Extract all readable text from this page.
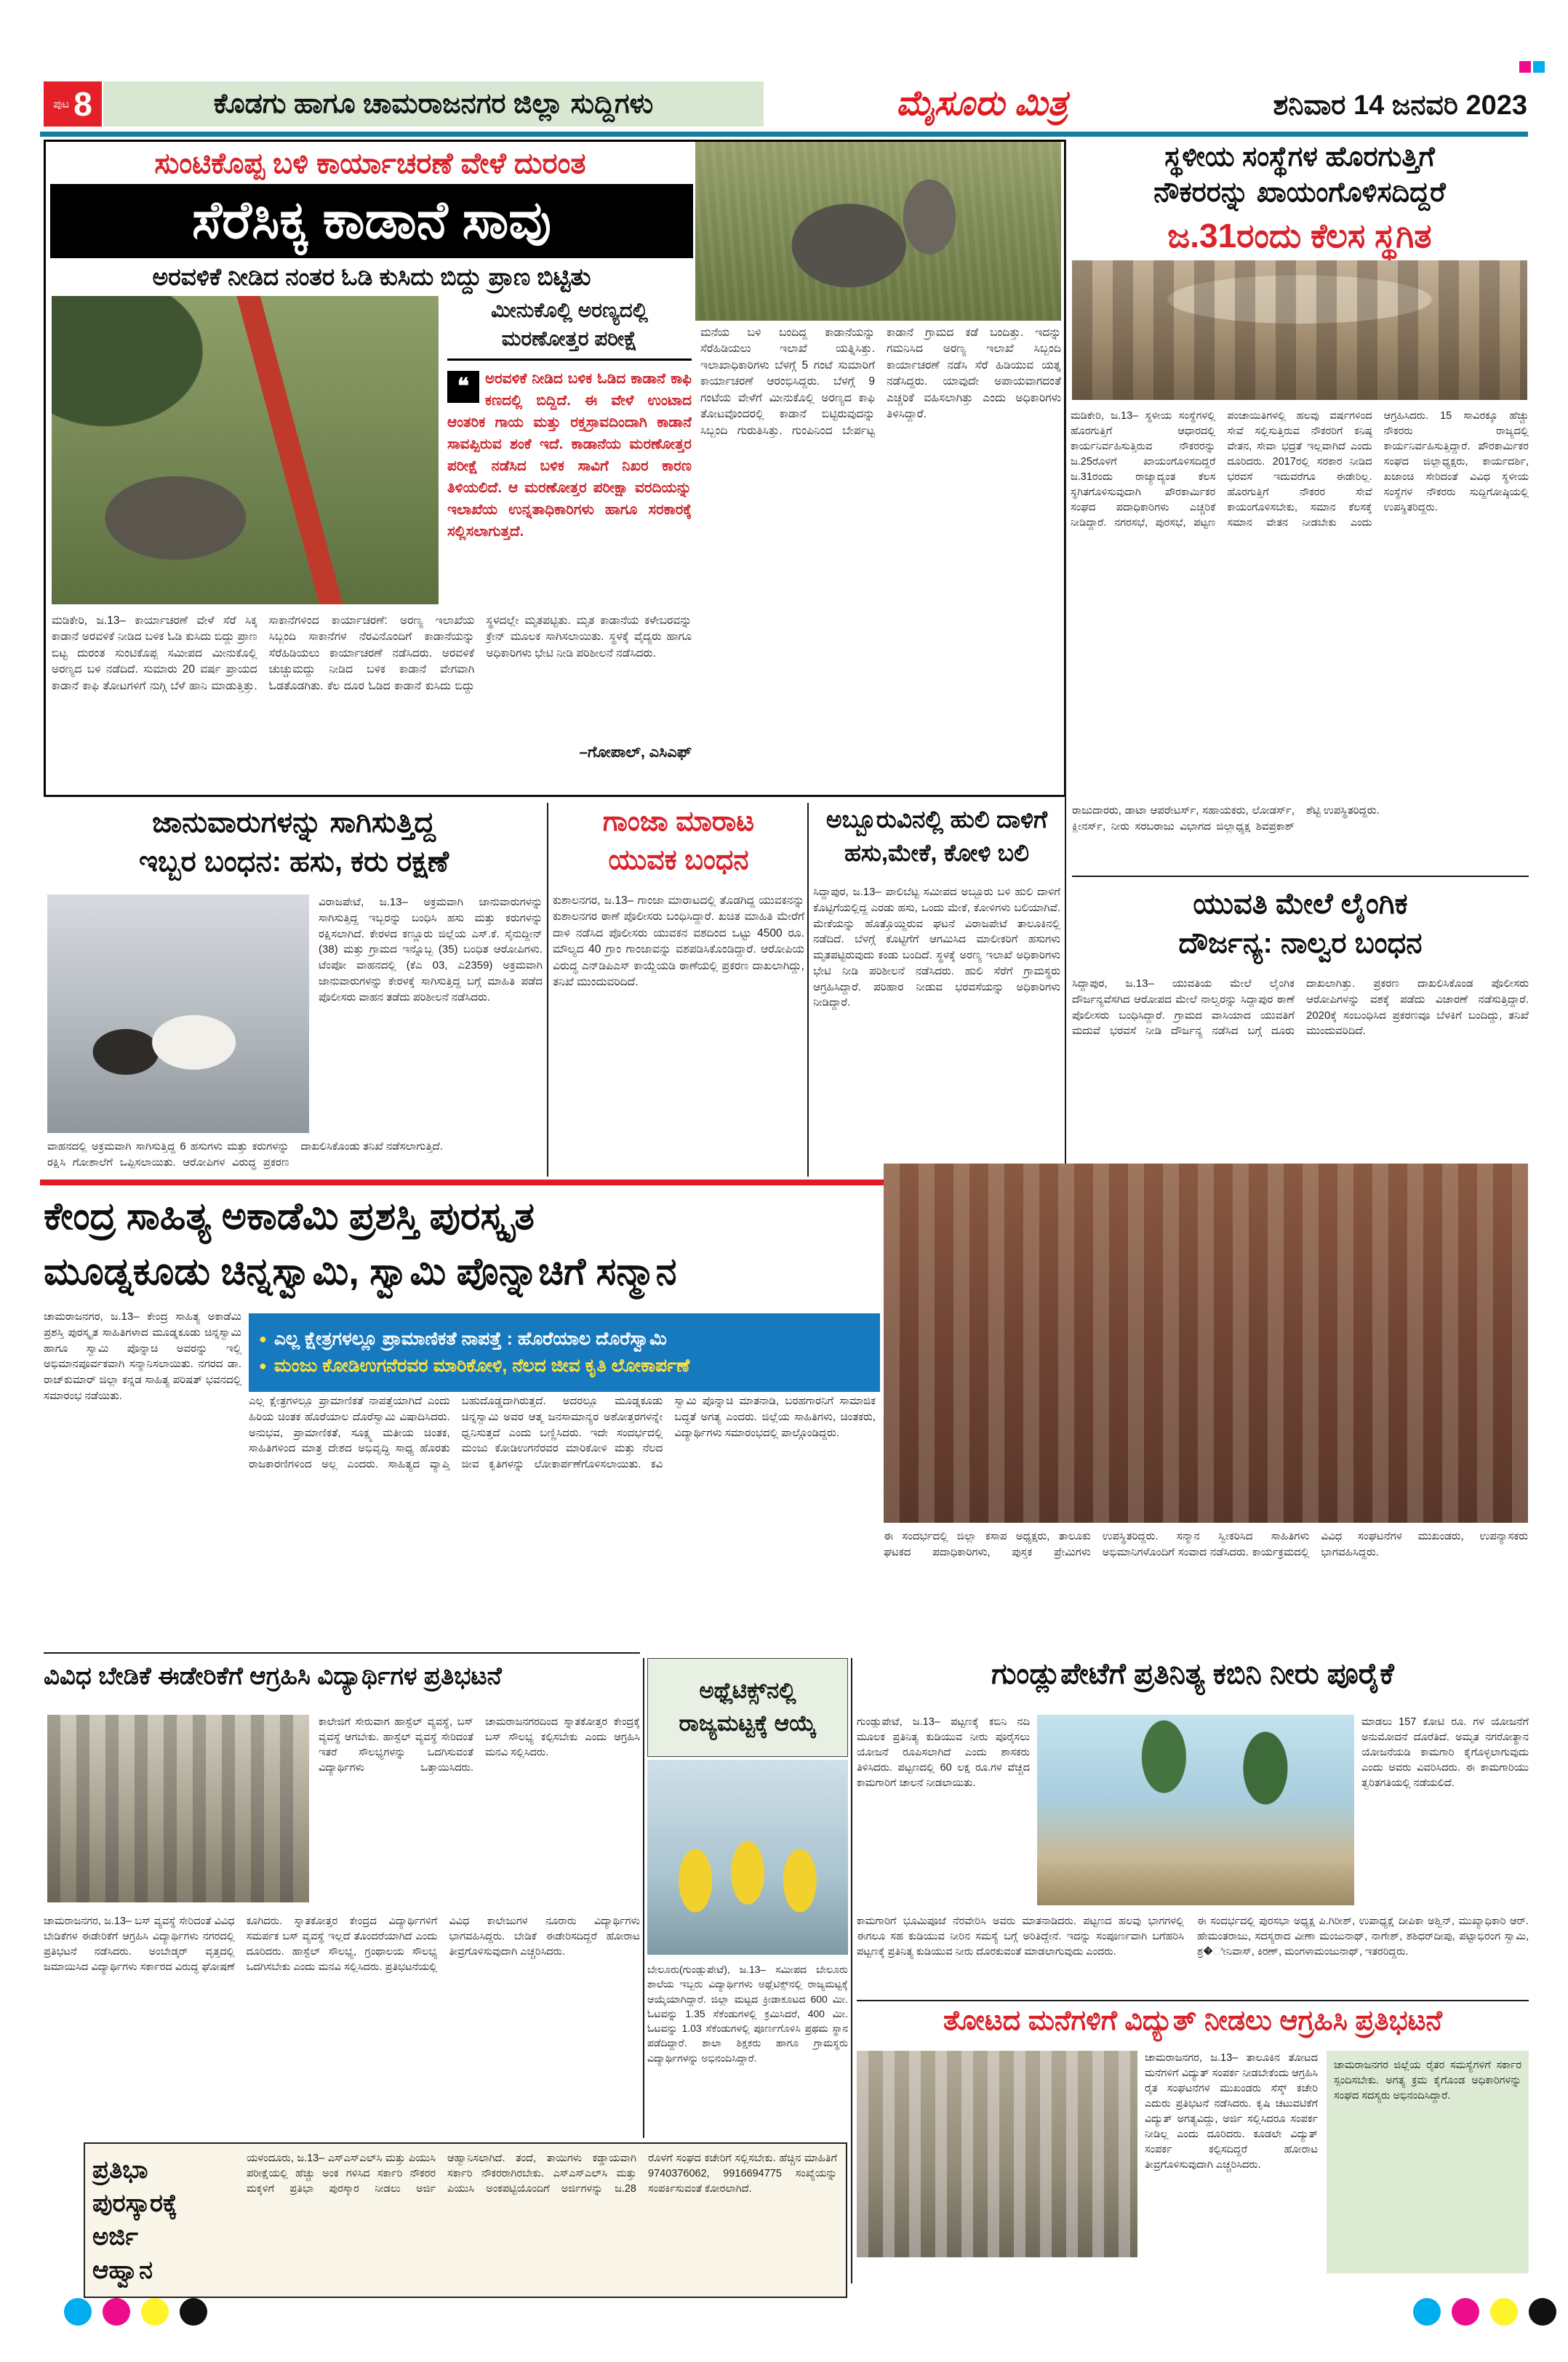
ಪುಟ 8	ಕೊಡಗು ಹಾಗೂ ಚಾಮರಾಜನಗರ ಜಿಲ್ಲಾ ಸುದ್ದಿಗಳು	ಮೈಸೂರು ಮಿತ್ರ	ಶನಿವಾರ 14 ಜನವರಿ 2023
ಸುಂಟಿಕೊಪ್ಪ ಬಳಿ ಕಾರ್ಯಾಚರಣೆ ವೇಳೆ ದುರಂತ
ಸೆರೆಸಿಕ್ಕ ಕಾಡಾನೆ ಸಾವು
ಅರವಳಿಕೆ ನೀಡಿದ ನಂತರ ಓಡಿ ಕುಸಿದು ಬಿದ್ದು ಪ್ರಾಣ ಬಿಟ್ಟಿತು
ಮೀನುಕೊಲ್ಲಿ ಅರಣ್ಯದಲ್ಲಿ ಮರಣೋತ್ತರ ಪರೀಕ್ಷೆ
❝	ಅರವಳಿಕೆ ನೀಡಿದ ಬಳಿಕ ಓಡಿದ ಕಾಡಾನೆ ಕಾಫಿ ಕಣದಲ್ಲಿ ಬಿದ್ದಿದೆ. ಈ ವೇಳೆ ಉಂಟಾದ ಆಂತರಿಕ ಗಾಯ ಮತ್ತು ರಕ್ತಸ್ರಾವದಿಂದಾಗಿ ಕಾಡಾನೆ ಸಾವಪ್ಪಿರುವ ಶಂಕೆ ಇದೆ. ಕಾಡಾನೆಯ ಮರಣೋತ್ತರ ಪರೀಕ್ಷೆ ನಡೆಸಿದ ಬಳಿಕ ಸಾವಿಗೆ ನಿಖರ ಕಾರಣ ತಿಳಿಯಲಿದೆ. ಆ ಮರಣೋತ್ತರ ಪರೀಕ್ಷಾ ವರದಿಯನ್ನು ಇಲಾಖೆಯ ಉನ್ನತಾಧಿಕಾರಿಗಳು ಹಾಗೂ ಸರಕಾರಕ್ಕೆ ಸಲ್ಲಿಸಲಾಗುತ್ತದೆ.
–ಗೋಪಾಲ್, ಎಸಿಎಫ್
ಮನೆಯ ಬಳಿ ಬಂದಿದ್ದ ಕಾಡಾನೆಯನ್ನು ಸೆರೆಹಿಡಿಯಲು ಇಲಾಖೆ ಯತ್ನಿಸಿತ್ತು. ಇಲಾಖಾಧಿಕಾರಿಗಳು ಬೆಳಗ್ಗೆ 5 ಗಂಟೆ ಸುಮಾರಿಗೆ ಕಾರ್ಯಾಚರಣೆ ಆರಂಭಿಸಿದ್ದರು. ಬೆಳಗ್ಗೆ 9 ಗಂಟೆಯ ವೇಳೆಗೆ ಮೀನುಕೊಲ್ಲಿ ಅರಣ್ಯದ ಕಾಫಿ ತೋಟವೊಂದರಲ್ಲಿ ಕಾಡಾನೆ ಬಿಟ್ಟಿರುವುದನ್ನು ಸಿಬ್ಬಂದಿ ಗುರುತಿಸಿತ್ತು. ಗುಂಪಿನಿಂದ ಬೇರ್ಪಟ್ಟ ಕಾಡಾನೆ ಗ್ರಾಮದ ಕಡೆ ಬಂದಿತ್ತು. ಇದನ್ನು ಗಮನಿಸಿದ ಅರಣ್ಯ ಇಲಾಖೆ ಸಿಬ್ಬಂದಿ ಕಾರ್ಯಾಚರಣೆ ನಡೆಸಿ ಸೆರೆ ಹಿಡಿಯುವ ಯತ್ನ ನಡೆಸಿದ್ದರು. ಯಾವುದೇ ಅಪಾಯವಾಗದಂತೆ ಎಚ್ಚರಿಕೆ ವಹಿಸಲಾಗಿತ್ತು ಎಂದು ಅಧಿಕಾರಿಗಳು ತಿಳಿಸಿದ್ದಾರೆ.
ಮಡಿಕೇರಿ, ಜ.13– ಕಾರ್ಯಾಚರಣೆ ವೇಳೆ ಸೆರೆ ಸಿಕ್ಕ ಕಾಡಾನೆ ಅರವಳಿಕೆ ನೀಡಿದ ಬಳಿಕ ಓಡಿ ಕುಸಿದು ಬಿದ್ದು ಪ್ರಾಣ ಬಿಟ್ಟ ದುರಂತ ಸುಂಟಿಕೊಪ್ಪ ಸಮೀಪದ ಮೀನುಕೊಲ್ಲಿ ಅರಣ್ಯದ ಬಳಿ ನಡೆದಿದೆ. ಸುಮಾರು 20 ವರ್ಷ ಪ್ರಾಯದ ಕಾಡಾನೆ ಕಾಫಿ ತೋಟಗಳಿಗೆ ನುಗ್ಗಿ ಬೆಳೆ ಹಾನಿ ಮಾಡುತ್ತಿತ್ತು. ಸಾಕಾನೆಗಳಿಂದ ಕಾರ್ಯಾಚರಣೆ: ಅರಣ್ಯ ಇಲಾಖೆಯ ಸಿಬ್ಬಂದಿ ಸಾಕಾನೆಗಳ ನೆರವಿನೊಂದಿಗೆ ಕಾಡಾನೆಯನ್ನು ಸೆರೆಹಿಡಿಯಲು ಕಾರ್ಯಾಚರಣೆ ನಡೆಸಿದರು. ಅರವಳಿಕೆ ಚುಚ್ಚುಮದ್ದು ನೀಡಿದ ಬಳಿಕ ಕಾಡಾನೆ ವೇಗವಾಗಿ ಓಡತೊಡಗಿತು. ಕೆಲ ದೂರ ಓಡಿದ ಕಾಡಾನೆ ಕುಸಿದು ಬಿದ್ದು ಸ್ಥಳದಲ್ಲೇ ಮೃತಪಟ್ಟಿತು. ಮೃತ ಕಾಡಾನೆಯ ಕಳೇಬರವನ್ನು ಕ್ರೇನ್ ಮೂಲಕ ಸಾಗಿಸಲಾಯಿತು. ಸ್ಥಳಕ್ಕೆ ವೈದ್ಯರು ಹಾಗೂ ಅಧಿಕಾರಿಗಳು ಭೇಟಿ ನೀಡಿ ಪರಿಶೀಲನೆ ನಡೆಸಿದರು.
ಸ್ಥಳೀಯ ಸಂಸ್ಥೆಗಳ ಹೊರಗುತ್ತಿಗೆ
ನೌಕರರನ್ನು ಖಾಯಂಗೊಳಿಸದಿದ್ದರೆ
ಜ.31ರಂದು ಕೆಲಸ ಸ್ಥಗಿತ
ಮಡಿಕೇರಿ, ಜ.13– ಸ್ಥಳೀಯ ಸಂಸ್ಥೆಗಳಲ್ಲಿ ಹೊರಗುತ್ತಿಗೆ ಆಧಾರದಲ್ಲಿ ಕಾರ್ಯನಿರ್ವಹಿಸುತ್ತಿರುವ ನೌಕರರನ್ನು ಜ.25ರೊಳಗೆ ಖಾಯಂಗೊಳಿಸದಿದ್ದರೆ ಜ.31ರಂದು ರಾಜ್ಯಾದ್ಯಂತ ಕೆಲಸ ಸ್ಥಗಿತಗೊಳಿಸುವುದಾಗಿ ಪೌರಕಾರ್ಮಿಕರ ಸಂಘದ ಪದಾಧಿಕಾರಿಗಳು ಎಚ್ಚರಿಕೆ ನೀಡಿದ್ದಾರೆ. ನಗರಸಭೆ, ಪುರಸಭೆ, ಪಟ್ಟಣ ಪಂಚಾಯಿತಿಗಳಲ್ಲಿ ಹಲವು ವರ್ಷಗಳಿಂದ ಸೇವೆ ಸಲ್ಲಿಸುತ್ತಿರುವ ನೌಕರರಿಗೆ ಕನಿಷ್ಠ ವೇತನ, ಸೇವಾ ಭದ್ರತೆ ಇಲ್ಲವಾಗಿದೆ ಎಂದು ದೂರಿದರು. 2017ರಲ್ಲಿ ಸರಕಾರ ನೀಡಿದ ಭರವಸೆ ಇದುವರೆಗೂ ಈಡೇರಿಲ್ಲ. ಹೊರಗುತ್ತಿಗೆ ನೌಕರರ ಸೇವೆ ಕಾಯಂಗೊಳಿಸಬೇಕು, ಸಮಾನ ಕೆಲಸಕ್ಕೆ ಸಮಾನ ವೇತನ ನೀಡಬೇಕು ಎಂದು ಆಗ್ರಹಿಸಿದರು. 15 ಸಾವಿರಕ್ಕೂ ಹೆಚ್ಚು ನೌಕರರು ರಾಜ್ಯದಲ್ಲಿ ಕಾರ್ಯನಿರ್ವಹಿಸುತ್ತಿದ್ದಾರೆ. ಪೌರಕಾರ್ಮಿಕರ ಸಂಘದ ಜಿಲ್ಲಾಧ್ಯಕ್ಷರು, ಕಾರ್ಯದರ್ಶಿ, ಖಜಾಂಚಿ ಸೇರಿದಂತೆ ವಿವಿಧ ಸ್ಥಳೀಯ ಸಂಸ್ಥೆಗಳ ನೌಕರರು ಸುದ್ದಿಗೋಷ್ಠಿಯಲ್ಲಿ ಉಪಸ್ಥಿತರಿದ್ದರು.
ಜಾನುವಾರುಗಳನ್ನು ಸಾಗಿಸುತ್ತಿದ್ದ
ಇಬ್ಬರ ಬಂಧನ: ಹಸು, ಕರು ರಕ್ಷಣೆ
ವಿರಾಜಪೇಟೆ, ಜ.13– ಅಕ್ರಮವಾಗಿ ಜಾನುವಾರುಗಳನ್ನು ಸಾಗಿಸುತ್ತಿದ್ದ ಇಬ್ಬರನ್ನು ಬಂಧಿಸಿ ಹಸು ಮತ್ತು ಕರುಗಳನ್ನು ರಕ್ಷಿಸಲಾಗಿದೆ. ಕೇರಳದ ಕಣ್ಣೂರು ಜಿಲ್ಲೆಯ ಎಸ್.ಕೆ. ಸೈನುದ್ದೀನ್ (38) ಮತ್ತು ಗ್ರಾಮದ ಇನ್ನೊಬ್ಬ (35) ಬಂಧಿತ ಆರೋಪಿಗಳು. ಟೆಂಪೋ ವಾಹನದಲ್ಲಿ (ಕೆಎ 03, ಎ2359) ಅಕ್ರಮವಾಗಿ ಜಾನುವಾರುಗಳನ್ನು ಕೇರಳಕ್ಕೆ ಸಾಗಿಸುತ್ತಿದ್ದ ಬಗ್ಗೆ ಮಾಹಿತಿ ಪಡೆದ ಪೊಲೀಸರು ವಾಹನ ತಡೆದು ಪರಿಶೀಲನೆ ನಡೆಸಿದರು.
ವಾಹನದಲ್ಲಿ ಅಕ್ರಮವಾಗಿ ಸಾಗಿಸುತ್ತಿದ್ದ 6 ಹಸುಗಳು ಮತ್ತು ಕರುಗಳನ್ನು ರಕ್ಷಿಸಿ ಗೋಶಾಲೆಗೆ ಒಪ್ಪಿಸಲಾಯಿತು. ಆರೋಪಿಗಳ ವಿರುದ್ಧ ಪ್ರಕರಣ ದಾಖಲಿಸಿಕೊಂಡು ತನಿಖೆ ನಡೆಸಲಾಗುತ್ತಿದೆ.
ಗಾಂಜಾ ಮಾರಾಟ
ಯುವಕ ಬಂಧನ
ಕುಶಾಲನಗರ, ಜ.13– ಗಾಂಜಾ ಮಾರಾಟದಲ್ಲಿ ತೊಡಗಿದ್ದ ಯುವಕನನ್ನು ಕುಶಾಲನಗರ ಠಾಣೆ ಪೊಲೀಸರು ಬಂಧಿಸಿದ್ದಾರೆ. ಖಚಿತ ಮಾಹಿತಿ ಮೇರೆಗೆ ದಾಳಿ ನಡೆಸಿದ ಪೊಲೀಸರು ಯುವಕನ ವಶದಿಂದ ಒಟ್ಟು 4500 ರೂ. ಮೌಲ್ಯದ 40 ಗ್ರಾಂ ಗಾಂಜಾವನ್ನು ವಶಪಡಿಸಿಕೊಂಡಿದ್ದಾರೆ. ಆರೋಪಿಯ ವಿರುದ್ಧ ಎನ್‌ಡಿಪಿಎಸ್ ಕಾಯ್ದೆಯಡಿ ಠಾಣೆಯಲ್ಲಿ ಪ್ರಕರಣ ದಾಖಲಾಗಿದ್ದು, ತನಿಖೆ ಮುಂದುವರಿದಿದೆ.
ಅಬ್ಬೂರುವಿನಲ್ಲಿ ಹುಲಿ ದಾಳಿಗೆ
ಹಸು,ಮೇಕೆ, ಕೋಳಿ ಬಲಿ
ಸಿದ್ದಾಪುರ, ಜ.13– ಪಾಲಿಬೆಟ್ಟ ಸಮೀಪದ ಅಬ್ಬೂರು ಬಳಿ ಹುಲಿ ದಾಳಿಗೆ ಕೊಟ್ಟಿಗೆಯಲ್ಲಿದ್ದ ಎರಡು ಹಸು, ಒಂದು ಮೇಕೆ, ಕೋಳಿಗಳು ಬಲಿಯಾಗಿವೆ. ಮೇಕೆಯನ್ನು ಹೊತ್ತೊಯ್ದಿರುವ ಘಟನೆ ವಿರಾಜಪೇಟೆ ತಾಲೂಕಿನಲ್ಲಿ ನಡೆದಿದೆ. ಬೆಳಗ್ಗೆ ಕೊಟ್ಟಿಗೆಗೆ ಆಗಮಿಸಿದ ಮಾಲೀಕರಿಗೆ ಹಸುಗಳು ಮೃತಪಟ್ಟಿರುವುದು ಕಂಡು ಬಂದಿದೆ. ಸ್ಥಳಕ್ಕೆ ಅರಣ್ಯ ಇಲಾಖೆ ಅಧಿಕಾರಿಗಳು ಭೇಟಿ ನೀಡಿ ಪರಿಶೀಲನೆ ನಡೆಸಿದರು. ಹುಲಿ ಸೆರೆಗೆ ಗ್ರಾಮಸ್ಥರು ಆಗ್ರಹಿಸಿದ್ದಾರೆ. ಪರಿಹಾರ ನೀಡುವ ಭರವಸೆಯನ್ನು ಅಧಿಕಾರಿಗಳು ನೀಡಿದ್ದಾರೆ.
ರಾಜುದಾರರು, ಡಾಟಾ ಆಪರೇಟರ್ಸ್, ಸಹಾಯಕರು, ಲೋಡರ್ಸ್, ಕ್ಲೀನರ್ಸ್, ನೀರು ಸರಬರಾಜು ವಿಭಾಗದ ಜಿಲ್ಲಾಧ್ಯಕ್ಷ ಶಿವಪ್ರಕಾಶ್ ಶೆಟ್ಟಿ ಉಪಸ್ಥಿತರಿದ್ದರು.
ಯುವತಿ ಮೇಲೆ ಲೈಂಗಿಕ
ದೌರ್ಜನ್ಯ: ನಾಲ್ವರ ಬಂಧನ
ಸಿದ್ದಾಪುರ, ಜ.13– ಯುವತಿಯ ಮೇಲೆ ಲೈಂಗಿಕ ದೌರ್ಜನ್ಯವೆಸಗಿದ ಆರೋಪದ ಮೇಲೆ ನಾಲ್ವರನ್ನು ಸಿದ್ದಾಪುರ ಠಾಣೆ ಪೊಲೀಸರು ಬಂಧಿಸಿದ್ದಾರೆ. ಗ್ರಾಮದ ವಾಸಿಯಾದ ಯುವತಿಗೆ ಮದುವೆ ಭರವಸೆ ನೀಡಿ ದೌರ್ಜನ್ಯ ನಡೆಸಿದ ಬಗ್ಗೆ ದೂರು ದಾಖಲಾಗಿತ್ತು. ಪ್ರಕರಣ ದಾಖಲಿಸಿಕೊಂಡ ಪೊಲೀಸರು ಆರೋಪಿಗಳನ್ನು ವಶಕ್ಕೆ ಪಡೆದು ವಿಚಾರಣೆ ನಡೆಸುತ್ತಿದ್ದಾರೆ. 2020ಕ್ಕೆ ಸಂಬಂಧಿಸಿದ ಪ್ರಕರಣವೂ ಬೆಳಕಿಗೆ ಬಂದಿದ್ದು, ತನಿಖೆ ಮುಂದುವರಿದಿದೆ.
ಕೇಂದ್ರ ಸಾಹಿತ್ಯ ಅಕಾಡೆಮಿ ಪ್ರಶಸ್ತಿ ಪುರಸ್ಕೃತ
ಮೂಡ್ನಕೂಡು ಚಿನ್ನಸ್ವಾಮಿ, ಸ್ವಾಮಿ ಪೊನ್ನಾಚಿಗೆ ಸನ್ಮಾನ
ಚಾಮರಾಜನಗರ, ಜ.13– ಕೇಂದ್ರ ಸಾಹಿತ್ಯ ಅಕಾಡೆಮಿ ಪ್ರಶಸ್ತಿ ಪುರಸ್ಕೃತ ಸಾಹಿತಿಗಳಾದ ಮೂಡ್ನಕೂಡು ಚಿನ್ನಸ್ವಾಮಿ ಹಾಗೂ ಸ್ವಾಮಿ ಪೊನ್ನಾಚಿ ಅವರನ್ನು ಇಲ್ಲಿ ಅಭಿಮಾನಪೂರ್ವಕವಾಗಿ ಸನ್ಮಾನಿಸಲಾಯಿತು. ನಗರದ ಡಾ. ರಾಜ್‌ಕುಮಾರ್ ಜಿಲ್ಲಾ ಕನ್ನಡ ಸಾಹಿತ್ಯ ಪರಿಷತ್ ಭವನದಲ್ಲಿ ಸಮಾರಂಭ ನಡೆಯಿತು.
● ಎಲ್ಲ ಕ್ಷೇತ್ರಗಳಲ್ಲೂ ಪ್ರಾಮಾಣಿಕತೆ ನಾಪತ್ತೆ : ಹೊರೆಯಾಲ ದೊರೆಸ್ವಾಮಿ
● ಮಂಜು ಕೋಡಿಉಗನೆರವರ ಮಾರಿಕೋಳಿ, ನೆಲದ ಜೀವ ಕೃತಿ ಲೋಕಾರ್ಪಣೆ
ಎಲ್ಲ ಕ್ಷೇತ್ರಗಳಲ್ಲೂ ಪ್ರಾಮಾಣಿಕತೆ ನಾಪತ್ತೆಯಾಗಿದೆ ಎಂದು ಹಿರಿಯ ಚಿಂತಕ ಹೊರೆಯಾಲ ದೊರೆಸ್ವಾಮಿ ವಿಷಾದಿಸಿದರು. ಅನುಭವ, ಪ್ರಾಮಾಣಿಕತೆ, ಸೂಕ್ಷ್ಮ ಮತೀಯ ಚಿಂತಕ, ಸಾಹಿತಿಗಳಿಂದ ಮಾತ್ರ ದೇಶದ ಅಭಿವೃದ್ಧಿ ಸಾಧ್ಯ ಹೊರತು ರಾಜಕಾರಣಿಗಳಿಂದ ಅಲ್ಲ ಎಂದರು. ಸಾಹಿತ್ಯದ ವ್ಯಾಪ್ತಿ ಬಹುದೊಡ್ಡದಾಗಿರುತ್ತದೆ. ಅದರಲ್ಲೂ ಮೂಡ್ನಕೂಡು ಚಿನ್ನಸ್ವಾಮಿ ಅವರ ಆತ್ಮ ಜನಸಾಮಾನ್ಯರ ಅಶೋತ್ತರಗಳನ್ನೇ ಧ್ವನಿಸುತ್ತದೆ ಎಂದು ಬಣ್ಣಿಸಿದರು. ಇದೇ ಸಂದರ್ಭದಲ್ಲಿ ಮಂಜು ಕೋಡಿಉಗನೆರವರ ಮಾರಿಕೋಳಿ ಮತ್ತು ನೆಲದ ಜೀವ ಕೃತಿಗಳನ್ನು ಲೋಕಾರ್ಪಣೆಗೊಳಿಸಲಾಯಿತು. ಕವಿ ಸ್ವಾಮಿ ಪೊನ್ನಾಚಿ ಮಾತನಾಡಿ, ಬರಹಗಾರನಿಗೆ ಸಾಮಾಜಿಕ ಬದ್ಧತೆ ಅಗತ್ಯ ಎಂದರು. ಜಿಲ್ಲೆಯ ಸಾಹಿತಿಗಳು, ಚಿಂತಕರು, ವಿದ್ಯಾರ್ಥಿಗಳು ಸಮಾರಂಭದಲ್ಲಿ ಪಾಲ್ಗೊಂಡಿದ್ದರು.
ಈ ಸಂದರ್ಭದಲ್ಲಿ ಜಿಲ್ಲಾ ಕಸಾಪ ಅಧ್ಯಕ್ಷರು, ತಾಲೂಕು ಘಟಕದ ಪದಾಧಿಕಾರಿಗಳು, ಪುಸ್ತಕ ಪ್ರೇಮಿಗಳು ಉಪಸ್ಥಿತರಿದ್ದರು. ಸನ್ಮಾನ ಸ್ವೀಕರಿಸಿದ ಸಾಹಿತಿಗಳು ಅಭಿಮಾನಿಗಳೊಂದಿಗೆ ಸಂವಾದ ನಡೆಸಿದರು. ಕಾರ್ಯಕ್ರಮದಲ್ಲಿ ವಿವಿಧ ಸಂಘಟನೆಗಳ ಮುಖಂಡರು, ಉಪನ್ಯಾಸಕರು ಭಾಗವಹಿಸಿದ್ದರು.
ವಿವಿಧ ಬೇಡಿಕೆ ಈಡೇರಿಕೆಗೆ ಆಗ್ರಹಿಸಿ ವಿದ್ಯಾರ್ಥಿಗಳ ಪ್ರತಿಭಟನೆ
ಕಾಲೇಜಿಗೆ ಸೇರುವಾಗ ಹಾಸ್ಟೆಲ್ ವ್ಯವಸ್ಥೆ, ಬಸ್ ವ್ಯವಸ್ಥೆ ಆಗಬೇಕು. ಹಾಸ್ಟೆಲ್ ವ್ಯವಸ್ಥೆ ಸೇರಿದಂತೆ ಇತರೆ ಸೌಲಭ್ಯಗಳನ್ನು ಒದಗಿಸುವಂತೆ ವಿದ್ಯಾರ್ಥಿಗಳು ಒತ್ತಾಯಿಸಿದರು. ಚಾಮರಾಜನಗರದಿಂದ ಸ್ನಾತಕೋತ್ತರ ಕೇಂದ್ರಕ್ಕೆ ಬಸ್ ಸೌಲಭ್ಯ ಕಲ್ಪಿಸಬೇಕು ಎಂದು ಆಗ್ರಹಿಸಿ ಮನವಿ ಸಲ್ಲಿಸಿದರು.
ಚಾಮರಾಜನಗರ, ಜ.13– ಬಸ್ ವ್ಯವಸ್ಥೆ ಸೇರಿದಂತೆ ವಿವಿಧ ಬೇಡಿಕೆಗಳ ಈಡೇರಿಕೆಗೆ ಆಗ್ರಹಿಸಿ ವಿದ್ಯಾರ್ಥಿಗಳು ನಗರದಲ್ಲಿ ಪ್ರತಿಭಟನೆ ನಡೆಸಿದರು. ಅಂಬೇಡ್ಕರ್ ವೃತ್ತದಲ್ಲಿ ಜಮಾಯಿಸಿದ ವಿದ್ಯಾರ್ಥಿಗಳು ಸರ್ಕಾರದ ವಿರುದ್ಧ ಘೋಷಣೆ ಕೂಗಿದರು. ಸ್ನಾತಕೋತ್ತರ ಕೇಂದ್ರದ ವಿದ್ಯಾರ್ಥಿಗಳಿಗೆ ಸಮರ್ಪಕ ಬಸ್ ವ್ಯವಸ್ಥೆ ಇಲ್ಲದೆ ತೊಂದರೆಯಾಗಿದೆ ಎಂದು ದೂರಿದರು. ಹಾಸ್ಟೆಲ್ ಸೌಲಭ್ಯ, ಗ್ರಂಥಾಲಯ ಸೌಲಭ್ಯ ಒದಗಿಸಬೇಕು ಎಂದು ಮನವಿ ಸಲ್ಲಿಸಿದರು. ಪ್ರತಿಭಟನೆಯಲ್ಲಿ ವಿವಿಧ ಕಾಲೇಜುಗಳ ನೂರಾರು ವಿದ್ಯಾರ್ಥಿಗಳು ಭಾಗವಹಿಸಿದ್ದರು. ಬೇಡಿಕೆ ಈಡೇರಿಸದಿದ್ದರೆ ಹೋರಾಟ ತೀವ್ರಗೊಳಿಸುವುದಾಗಿ ಎಚ್ಚರಿಸಿದರು.
ಅಥ್ಲೆಟಿಕ್ಸ್‌ನಲ್ಲಿ ರಾಜ್ಯಮಟ್ಟಕ್ಕೆ ಆಯ್ಕೆ
ಬೇಲೂರು(ಗುಂಡ್ಲುಪೇಟೆ), ಜ.13– ಸಮೀಪದ ಬೇಲೂರು ಶಾಲೆಯ ಇಬ್ಬರು ವಿದ್ಯಾರ್ಥಿಗಳು ಅಥ್ಲೆಟಿಕ್ಸ್‌ನಲ್ಲಿ ರಾಜ್ಯಮಟ್ಟಕ್ಕೆ ಆಯ್ಕೆಯಾಗಿದ್ದಾರೆ. ಜಿಲ್ಲಾ ಮಟ್ಟದ ಕ್ರೀಡಾಕೂಟದ 600 ಮೀ. ಓಟವನ್ನು 1.35 ಸೆಕೆಂಡುಗಳಲ್ಲಿ ಕ್ರಮಿಸಿದರೆ, 400 ಮೀ. ಓಟವನ್ನು 1.03 ಸೆಕೆಂಡುಗಳಲ್ಲಿ ಪೂರ್ಣಗೊಳಿಸಿ ಪ್ರಥಮ ಸ್ಥಾನ ಪಡೆದಿದ್ದಾರೆ. ಶಾಲಾ ಶಿಕ್ಷಕರು ಹಾಗೂ ಗ್ರಾಮಸ್ಥರು ವಿದ್ಯಾರ್ಥಿಗಳನ್ನು ಅಭಿನಂದಿಸಿದ್ದಾರೆ.
ಪ್ರತಿಭಾ
ಪುರಸ್ಕಾರಕ್ಕೆ
ಅರ್ಜಿ
ಆಹ್ವಾನ
ಯಳಂದೂರು, ಜ.13– ಎಸ್‌ಎಸ್‌ಎಲ್‌ಸಿ ಮತ್ತು ಪಿಯುಸಿ ಪರೀಕ್ಷೆಯಲ್ಲಿ ಹೆಚ್ಚು ಅಂಕ ಗಳಿಸಿದ ಸರ್ಕಾರಿ ನೌಕರರ ಮಕ್ಕಳಿಗೆ ಪ್ರತಿಭಾ ಪುರಸ್ಕಾರ ನೀಡಲು ಅರ್ಜಿ ಆಹ್ವಾನಿಸಲಾಗಿದೆ. ತಂದೆ, ತಾಯಿಗಳು ಕಡ್ಡಾಯವಾಗಿ ಸರ್ಕಾರಿ ನೌಕರರಾಗಿರಬೇಕು. ಎಸ್‌ಎಸ್‌ಎಲ್‌ಸಿ ಮತ್ತು ಪಿಯುಸಿ ಅಂಕಪಟ್ಟಿಯೊಂದಿಗೆ ಅರ್ಜಿಗಳನ್ನು ಜ.28 ರೊಳಗೆ ಸಂಘದ ಕಚೇರಿಗೆ ಸಲ್ಲಿಸಬೇಕು. ಹೆಚ್ಚಿನ ಮಾಹಿತಿಗೆ 9740376062, 9916694775 ಸಂಖ್ಯೆಯನ್ನು ಸಂಪರ್ಕಿಸುವಂತೆ ಕೋರಲಾಗಿದೆ.
ಗುಂಡ್ಲುಪೇಟೆಗೆ ಪ್ರತಿನಿತ್ಯ ಕಬಿನಿ ನೀರು ಪೂರೈಕೆ
ಗುಂಡ್ಲುಪೇಟೆ, ಜ.13– ಪಟ್ಟಣಕ್ಕೆ ಕಬಿನಿ ನದಿ ಮೂಲಕ ಪ್ರತಿನಿತ್ಯ ಕುಡಿಯುವ ನೀರು ಪೂರೈಸಲು ಯೋಜನೆ ರೂಪಿಸಲಾಗಿದೆ ಎಂದು ಶಾಸಕರು ತಿಳಿಸಿದರು. ಪಟ್ಟಣದಲ್ಲಿ 60 ಲಕ್ಷ ರೂ.ಗಳ ವೆಚ್ಚದ ಕಾಮಗಾರಿಗೆ ಚಾಲನೆ ನೀಡಲಾಯಿತು.
ಮಾಡಲು 157 ಕೋಟಿ ರೂ. ಗಳ ಯೋಜನೆಗೆ ಅನುಮೋದನೆ ದೊರೆತಿದೆ. ಅಮೃತ ನಗರೋತ್ಥಾನ ಯೋಜನೆಯಡಿ ಕಾಮಗಾರಿ ಕೈಗೊಳ್ಳಲಾಗುವುದು ಎಂದು ಅವರು ವಿವರಿಸಿದರು. ಈ ಕಾಮಗಾರಿಯು ತ್ವರಿತಗತಿಯಲ್ಲಿ ನಡೆಯಲಿದೆ.
ಕಾಮಗಾರಿಗೆ ಭೂಮಿಪೂಜೆ ನೆರವೇರಿಸಿ ಅವರು ಮಾತನಾಡಿದರು. ಪಟ್ಟಣದ ಹಲವು ಭಾಗಗಳಲ್ಲಿ ಈಗಲೂ ಸಹ ಕುಡಿಯುವ ನೀರಿನ ಸಮಸ್ಯೆ ಬಗ್ಗೆ ಅರಿತಿದ್ದೇನೆ. ಇದನ್ನು ಸಂಪೂರ್ಣವಾಗಿ ಬಗೆಹರಿಸಿ ಪಟ್ಟಣಕ್ಕೆ ಪ್ರತಿನಿತ್ಯ ಕುಡಿಯುವ ನೀರು ದೊರಕುವಂತೆ ಮಾಡಲಾಗುವುದು ಎಂದರು.
ಈ ಸಂದರ್ಭದಲ್ಲಿ ಪುರಸಭಾ ಅಧ್ಯಕ್ಷ ಪಿ.ಗಿರೀಶ್, ಉಪಾಧ್ಯಕ್ಷೆ ದೀಪಿಕಾ ಅಶ್ವಿನ್, ಮುಖ್ಯಾಧಿಕಾರಿ ಆರ್. ಹೇಮಂತರಾಜು, ಸದಸ್ಯರಾದ ವೀಣಾ ಮಂಜುನಾಥ್, ನಾಗೇಶ್, ಶಶಿಧರ್‌ದೀಪು, ಪಟ್ಟಾಭಿರಂಗ ಸ್ವಾಮಿ, ಶ್ರ�ೀನಿವಾಸ್, ಕಿರಣ್, ಮಂಗಳಾಮಂಜುನಾಥ್, ಇತರರಿದ್ದರು.
ತೋಟದ ಮನೆಗಳಿಗೆ ವಿದ್ಯುತ್ ನೀಡಲು ಆಗ್ರಹಿಸಿ ಪ್ರತಿಭಟನೆ
ಚಾಮರಾಜನಗರ, ಜ.13– ತಾಲೂಕಿನ ತೋಟದ ಮನೆಗಳಿಗೆ ವಿದ್ಯುತ್ ಸಂಪರ್ಕ ನೀಡಬೇಕೆಂದು ಆಗ್ರಹಿಸಿ ರೈತ ಸಂಘಟನೆಗಳ ಮುಖಂಡರು ಸೆಸ್ಕ್ ಕಚೇರಿ ಎದುರು ಪ್ರತಿಭಟನೆ ನಡೆಸಿದರು. ಕೃಷಿ ಚಟುವಟಿಕೆಗೆ ವಿದ್ಯುತ್ ಅಗತ್ಯವಿದ್ದು, ಅರ್ಜಿ ಸಲ್ಲಿಸಿದರೂ ಸಂಪರ್ಕ ನೀಡಿಲ್ಲ ಎಂದು ದೂರಿದರು. ಕೂಡಲೇ ವಿದ್ಯುತ್ ಸಂಪರ್ಕ ಕಲ್ಪಿಸದಿದ್ದರೆ ಹೋರಾಟ ತೀವ್ರಗೊಳಿಸುವುದಾಗಿ ಎಚ್ಚರಿಸಿದರು.
ಚಾಮರಾಜನಗರ ಜಿಲ್ಲೆಯ ರೈತರ ಸಮಸ್ಯೆಗಳಿಗೆ ಸರ್ಕಾರ ಸ್ಪಂದಿಸಬೇಕು. ಅಗತ್ಯ ಕ್ರಮ ಕೈಗೊಂಡ ಅಧಿಕಾರಿಗಳನ್ನು ಸಂಘದ ಸದಸ್ಯರು ಅಭಿನಂದಿಸಿದ್ದಾರೆ.
